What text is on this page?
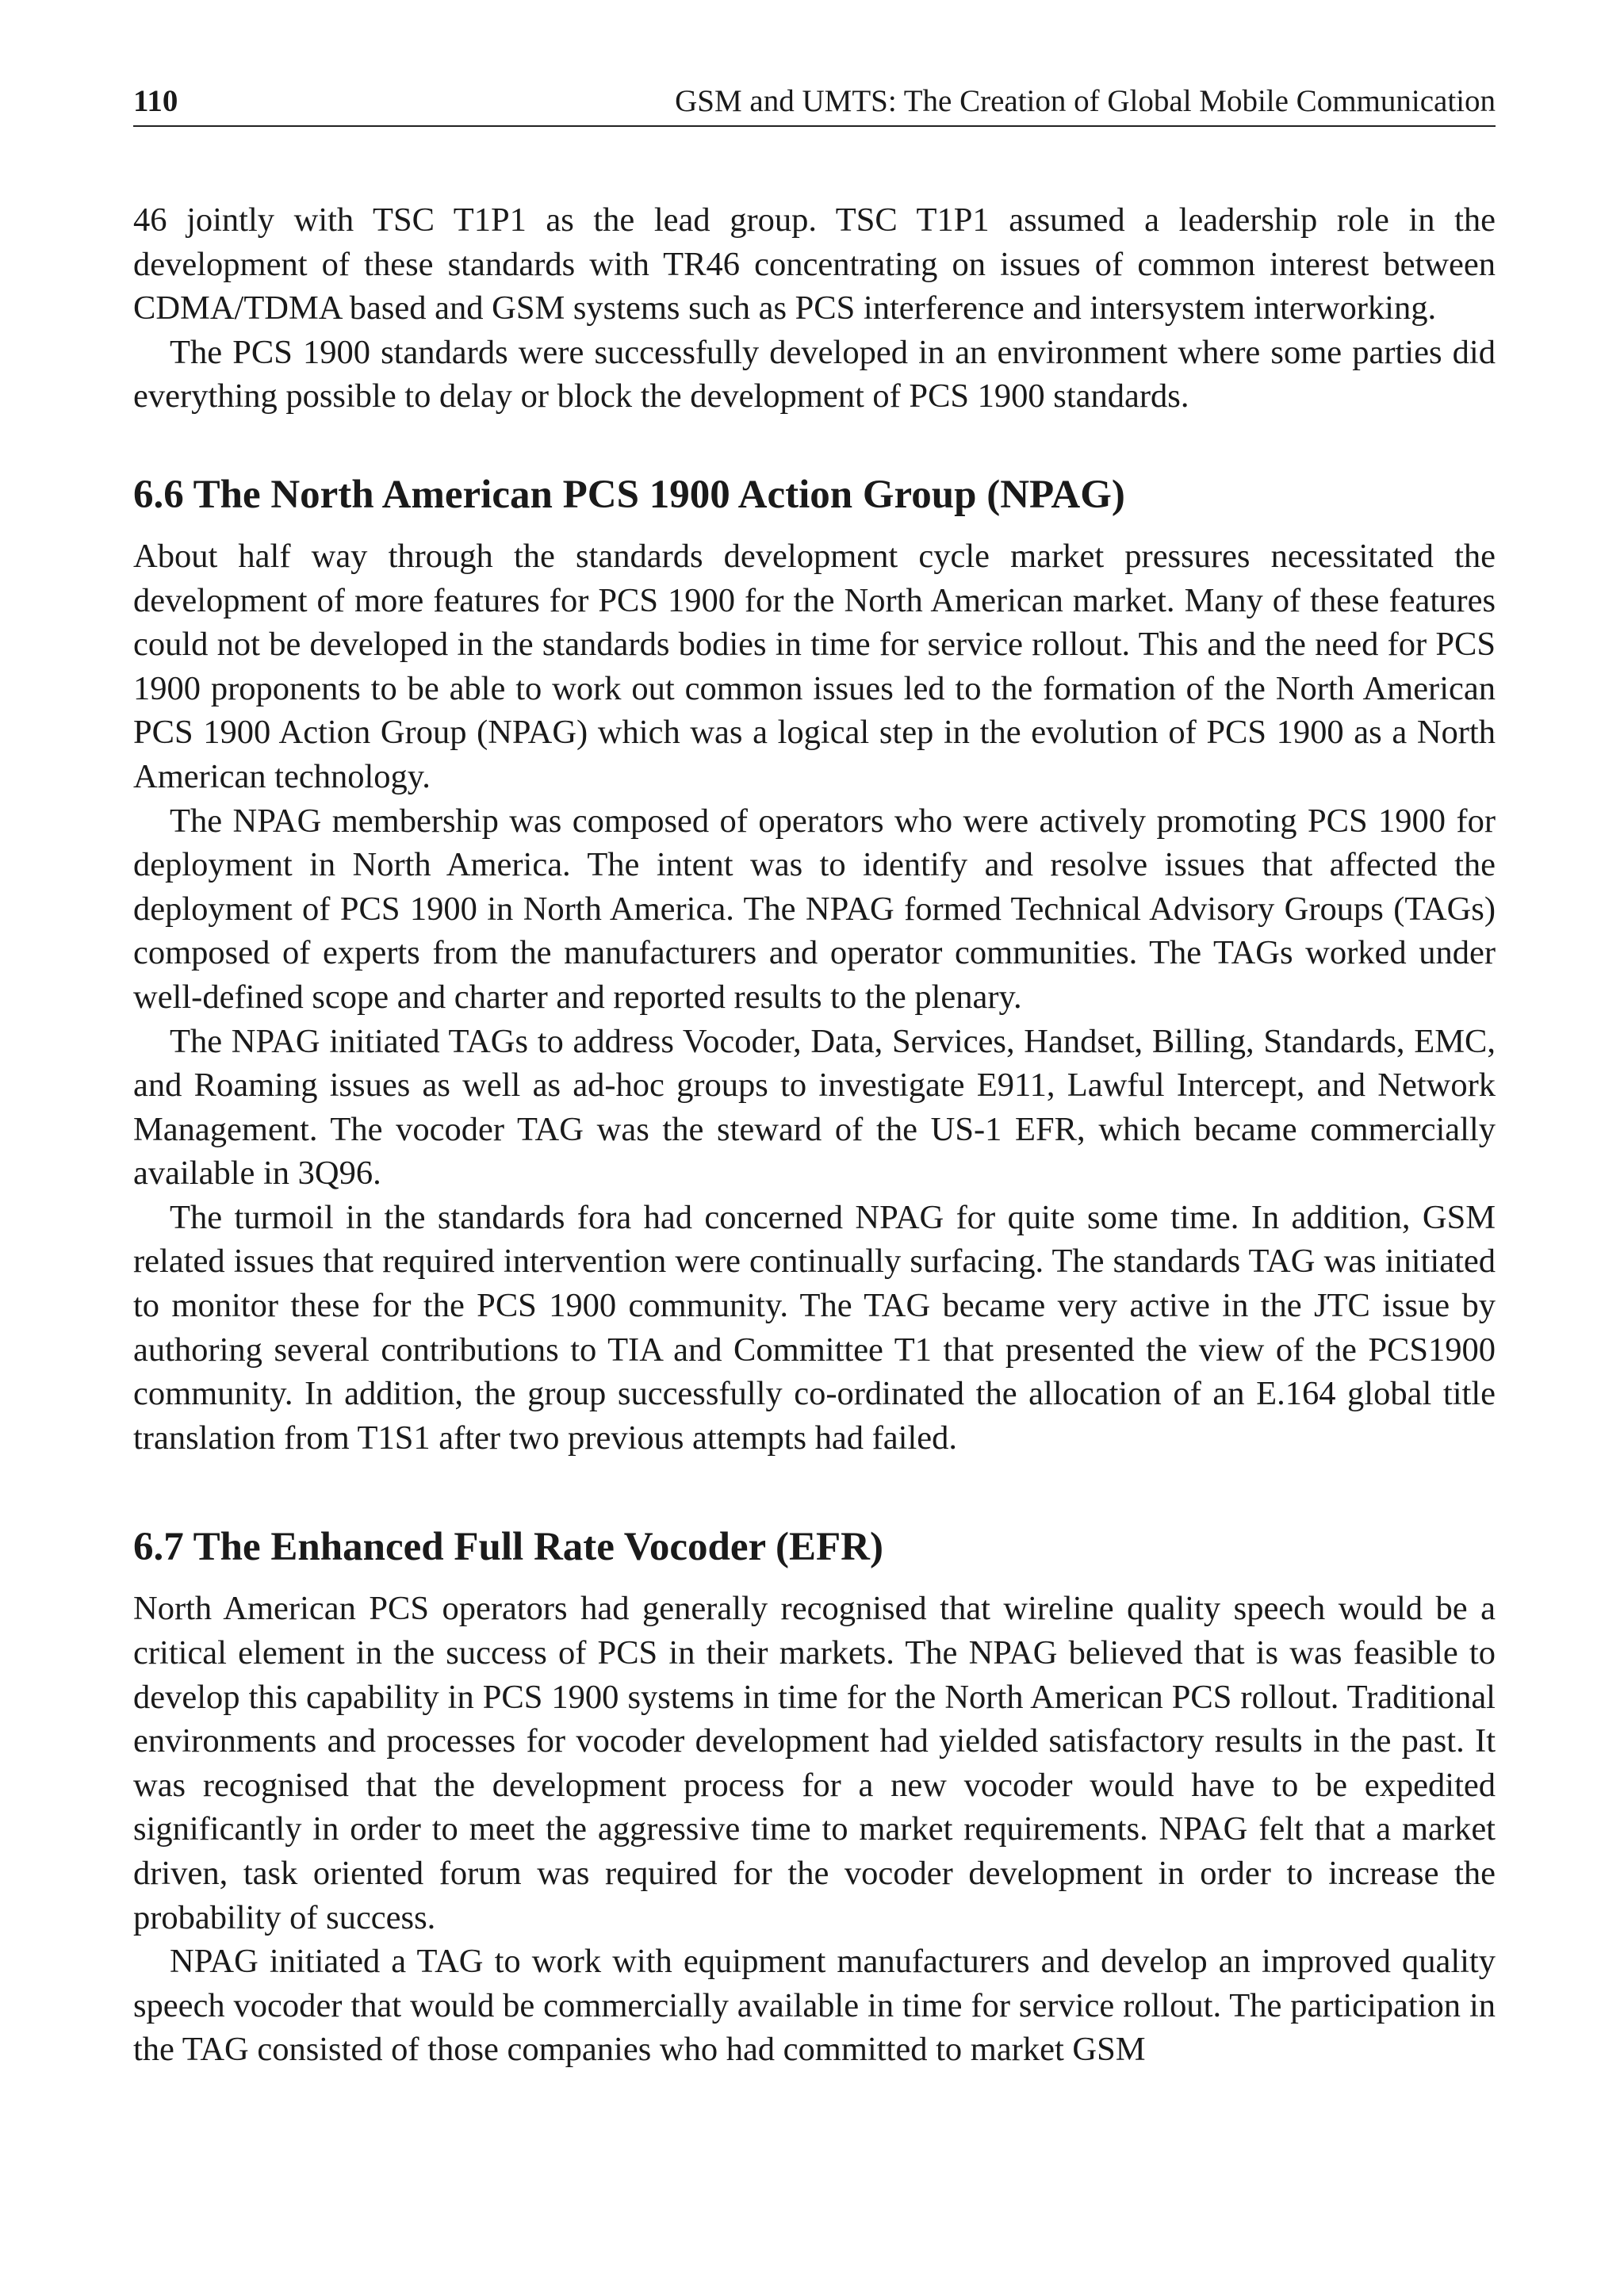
110	GSM and UMTS: The Creation of Global Mobile Communication

46 jointly with TSC T1P1 as the lead group. TSC T1P1 assumed a leadership role in the development of these standards with TR46 concentrating on issues of common interest between CDMA/TDMA based and GSM systems such as PCS interference and intersystem interworking.

The PCS 1900 standards were successfully developed in an environment where some parties did everything possible to delay or block the development of PCS 1900 standards.

6.6 The North American PCS 1900 Action Group (NPAG)

About half way through the standards development cycle market pressures necessitated the development of more features for PCS 1900 for the North American market. Many of these features could not be developed in the standards bodies in time for service rollout. This and the need for PCS 1900 proponents to be able to work out common issues led to the formation of the North American PCS 1900 Action Group (NPAG) which was a logical step in the evolution of PCS 1900 as a North American technology.

The NPAG membership was composed of operators who were actively promoting PCS 1900 for deployment in North America. The intent was to identify and resolve issues that affected the deployment of PCS 1900 in North America. The NPAG formed Technical Advisory Groups (TAGs) composed of experts from the manufacturers and operator communities. The TAGs worked under well-defined scope and charter and reported results to the plenary.

The NPAG initiated TAGs to address Vocoder, Data, Services, Handset, Billing, Standards, EMC, and Roaming issues as well as ad-hoc groups to investigate E911, Lawful Intercept, and Network Management. The vocoder TAG was the steward of the US-1 EFR, which became commercially available in 3Q96.

The turmoil in the standards fora had concerned NPAG for quite some time. In addition, GSM related issues that required intervention were continually surfacing. The standards TAG was initiated to monitor these for the PCS 1900 community. The TAG became very active in the JTC issue by authoring several contributions to TIA and Committee T1 that presented the view of the PCS1900 community. In addition, the group successfully co-ordinated the allocation of an E.164 global title translation from T1S1 after two previous attempts had failed.

6.7 The Enhanced Full Rate Vocoder (EFR)

North American PCS operators had generally recognised that wireline quality speech would be a critical element in the success of PCS in their markets. The NPAG believed that is was feasible to develop this capability in PCS 1900 systems in time for the North American PCS rollout. Traditional environments and processes for vocoder development had yielded satisfactory results in the past. It was recognised that the development process for a new vocoder would have to be expedited significantly in order to meet the aggressive time to market requirements. NPAG felt that a market driven, task oriented forum was required for the vocoder development in order to increase the probability of success.

NPAG initiated a TAG to work with equipment manufacturers and develop an improved quality speech vocoder that would be commercially available in time for service rollout. The participation in the TAG consisted of those companies who had committed to market GSM
